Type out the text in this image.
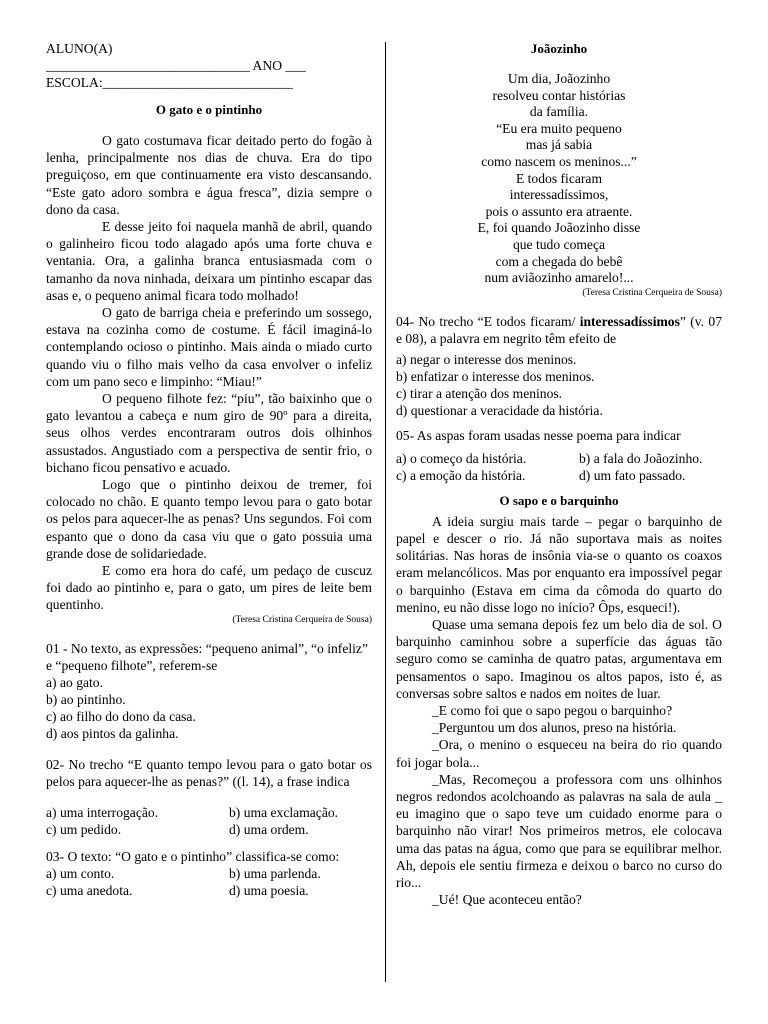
ALUNO(A)
______________________________ ANO ___
ESCOLA:____________________________
O gato e o pintinho

O gato costumava ficar deitado perto do fogão à lenha, principalmente nos dias de chuva. Era do tipo preguiçoso, em que continuamente era visto descansando. “Este gato adoro sombra e água fresca”, dizia sempre o dono da casa.

E desse jeito foi naquela manhã de abril, quando o galinheiro ficou todo alagado após uma forte chuva e ventania. Ora, a galinha branca entusiasmada com o tamanho da nova ninhada, deixara um pintinho escapar das asas e, o pequeno animal ficara todo molhado!

O gato de barriga cheia e preferindo um sossego, estava na cozinha como de costume. É fácil imaginá-lo contemplando ocioso o pintinho. Mais ainda o miado curto quando viu o filho mais velho da casa envolver o infeliz com um pano seco e limpinho: “Miau!”

O pequeno filhote fez: “piu”, tão baixinho que o gato levantou a cabeça e num giro de 90º para a direita, seus olhos verdes encontraram outros dois olhinhos assustados. Angustiado com a perspectiva de sentir frio, o bichano ficou pensativo e acuado.

Logo que o pintinho deixou de tremer, foi colocado no chão. E quanto tempo levou para o gato botar os pelos para aquecer-lhe as penas? Uns segundos. Foi com espanto que o dono da casa viu que o gato possuia uma grande dose de solidariedade.

E como era hora do café, um pedaço de cuscuz foi dado ao pintinho e, para o gato, um pires de leite bem quentinho.

(Teresa Cristina Cerqueira de Sousa)

01 - No texto, as expressões: “pequeno animal”, “o infeliz” e “pequeno filhote”, referem-se

a) ao gato.

b) ao pintinho.

c) ao filho do dono da casa.

d) aos pintos da galinha.

02- No trecho “E quanto tempo levou para o gato botar os pelos para aquecer-lhe as penas?” ((l. 14), a frase indica

a) uma interrogação.	b) uma exclamação.
c) um pedido.	d) uma ordem.

03- O texto: “O gato e o pintinho” classifica-se como:

a) um conto.	b) uma parlenda.
c) uma anedota.	d) uma poesia.
Joãozinho
Um dia, Joãozinho
resolveu contar histórias
da família.
“Eu era muito pequeno
mas já sabia
como nascem os meninos...”
E todos ficaram
interessadíssimos,
pois o assunto era atraente.
E, foi quando Joãozinho disse
que tudo começa
com a chegada do bebê
num aviãozinho amarelo!...
(Teresa Cristina Cerqueira de Sousa)

04- No trecho “E todos ficaram/ interessadíssimos” (v. 07 e 08), a palavra em negrito têm efeito de

a) negar o interesse dos meninos.

b) enfatizar o interesse dos meninos.

c) tirar a atenção dos meninos.

d) questionar a veracidade da história.

05- As aspas foram usadas nesse poema para indicar

a) o começo da história.	b) a fala do Joãozinho.
c) a emoção da história.	d) um fato passado.
O sapo e o barquinho

A ideia surgiu mais tarde – pegar o barquinho de papel e descer o rio. Já não suportava mais as noites solitárias. Nas horas de insônia via-se o quanto os coaxos eram melancólicos. Mas por enquanto era impossível pegar o barquinho (Estava em cima da cômoda do quarto do menino, eu não disse logo no início? Ôps, esqueci!).

Quase uma semana depois fez um belo dia de sol. O barquinho caminhou sobre a superfície das águas tão seguro como se caminha de quatro patas, argumentava em pensamentos o sapo. Imaginou os altos papos, isto é, as conversas sobre saltos e nados em noites de luar.

_E como foi que o sapo pegou o barquinho?

_Perguntou um dos alunos, preso na história.

_Ora, o menino o esqueceu na beira do rio quando foi jogar bola...

_Mas, Recomeçou a professora com uns olhinhos negros redondos acolchoando as palavras na sala de aula _ eu imagino que o sapo teve um cuidado enorme para o barquinho não virar! Nos primeiros metros, ele colocava uma das patas na água, como que para se equilibrar melhor. Ah, depois ele sentiu firmeza e deixou o barco no curso do rio...

_Ué! Que aconteceu então?
